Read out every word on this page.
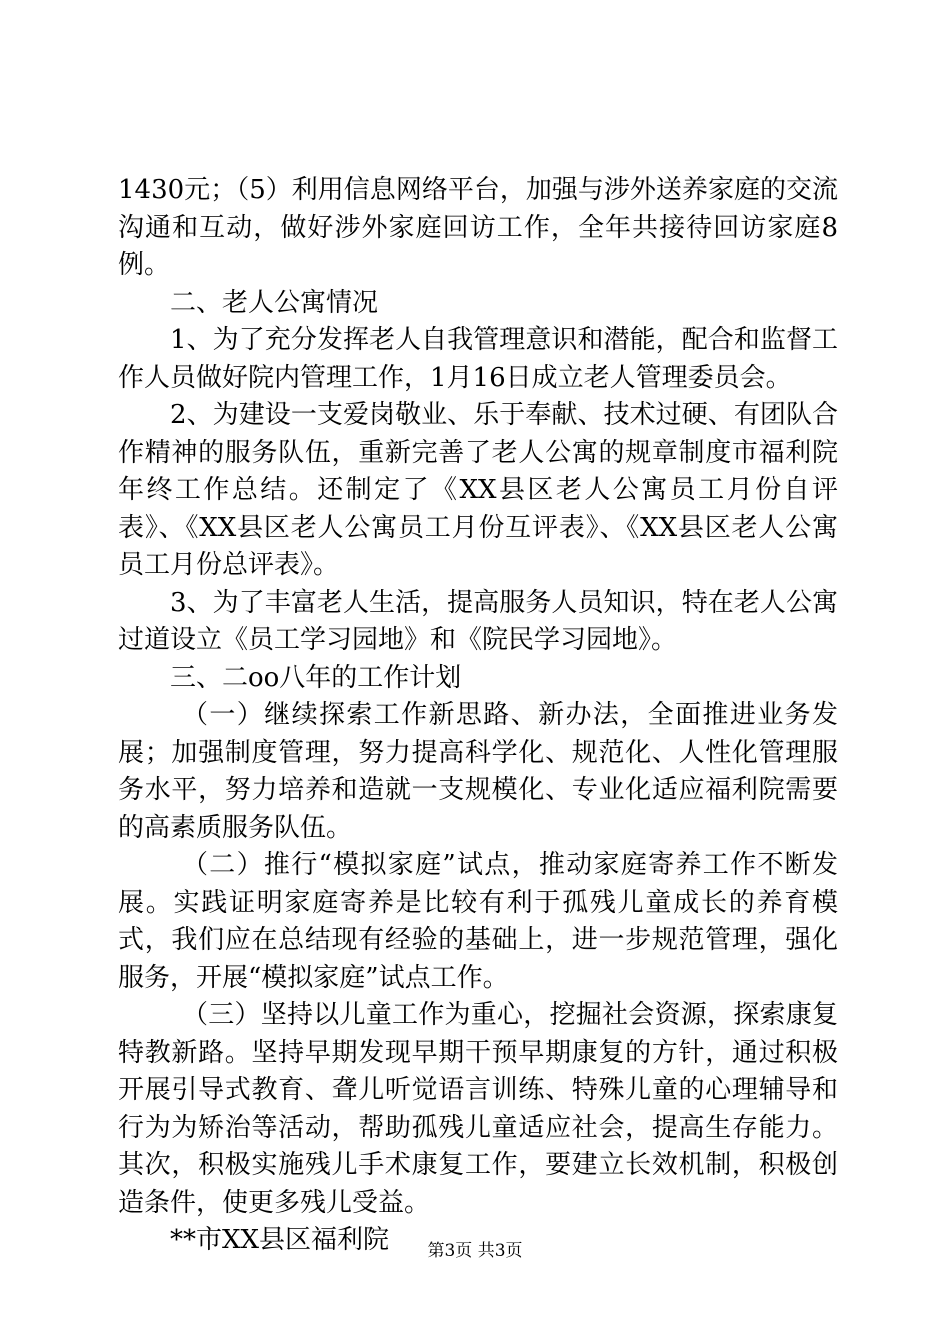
1430元；（5）利用信息网络平台，加强与涉外送养家庭的交流沟通和互动，做好涉外家庭回访工作，全年共接待回访家庭8例。

二、老人公寓情况

1、为了充分发挥老人自我管理意识和潜能，配合和监督工作人员做好院内管理工作，1月16日成立老人管理委员会。

2、为建设一支爱岗敬业、乐于奉献、技术过硬、有团队合作精神的服务队伍，重新完善了老人公寓的规章制度市福利院年终工作总结。还制定了《XX县区老人公寓员工月份自评表》、《XX县区老人公寓员工月份互评表》、《XX县区老人公寓员工月份总评表》。

3、为了丰富老人生活，提高服务人员知识，特在老人公寓过道设立《员工学习园地》和《院民学习园地》。

三、二oo八年的工作计划

（一）继续探索工作新思路、新办法，全面推进业务发展；加强制度管理，努力提高科学化、规范化、人性化管理服务水平，努力培养和造就一支规模化、专业化适应福利院需要的高素质服务队伍。

（二）推行“模拟家庭”试点，推动家庭寄养工作不断发展。实践证明家庭寄养是比较有利于孤残儿童成长的养育模式，我们应在总结现有经验的基础上，进一步规范管理，强化服务，开展“模拟家庭”试点工作。

（三）坚持以儿童工作为重心，挖掘社会资源，探索康复特教新路。坚持早期发现早期干预早期康复的方针，通过积极开展引导式教育、聋儿听觉语言训练、特殊儿童的心理辅导和行为为矫治等活动，帮助孤残儿童适应社会，提高生存能力。其次，积极实施残儿手术康复工作，要建立长效机制，积极创造条件，使更多残儿受益。

**市XX县区福利院	第3页 共3页
